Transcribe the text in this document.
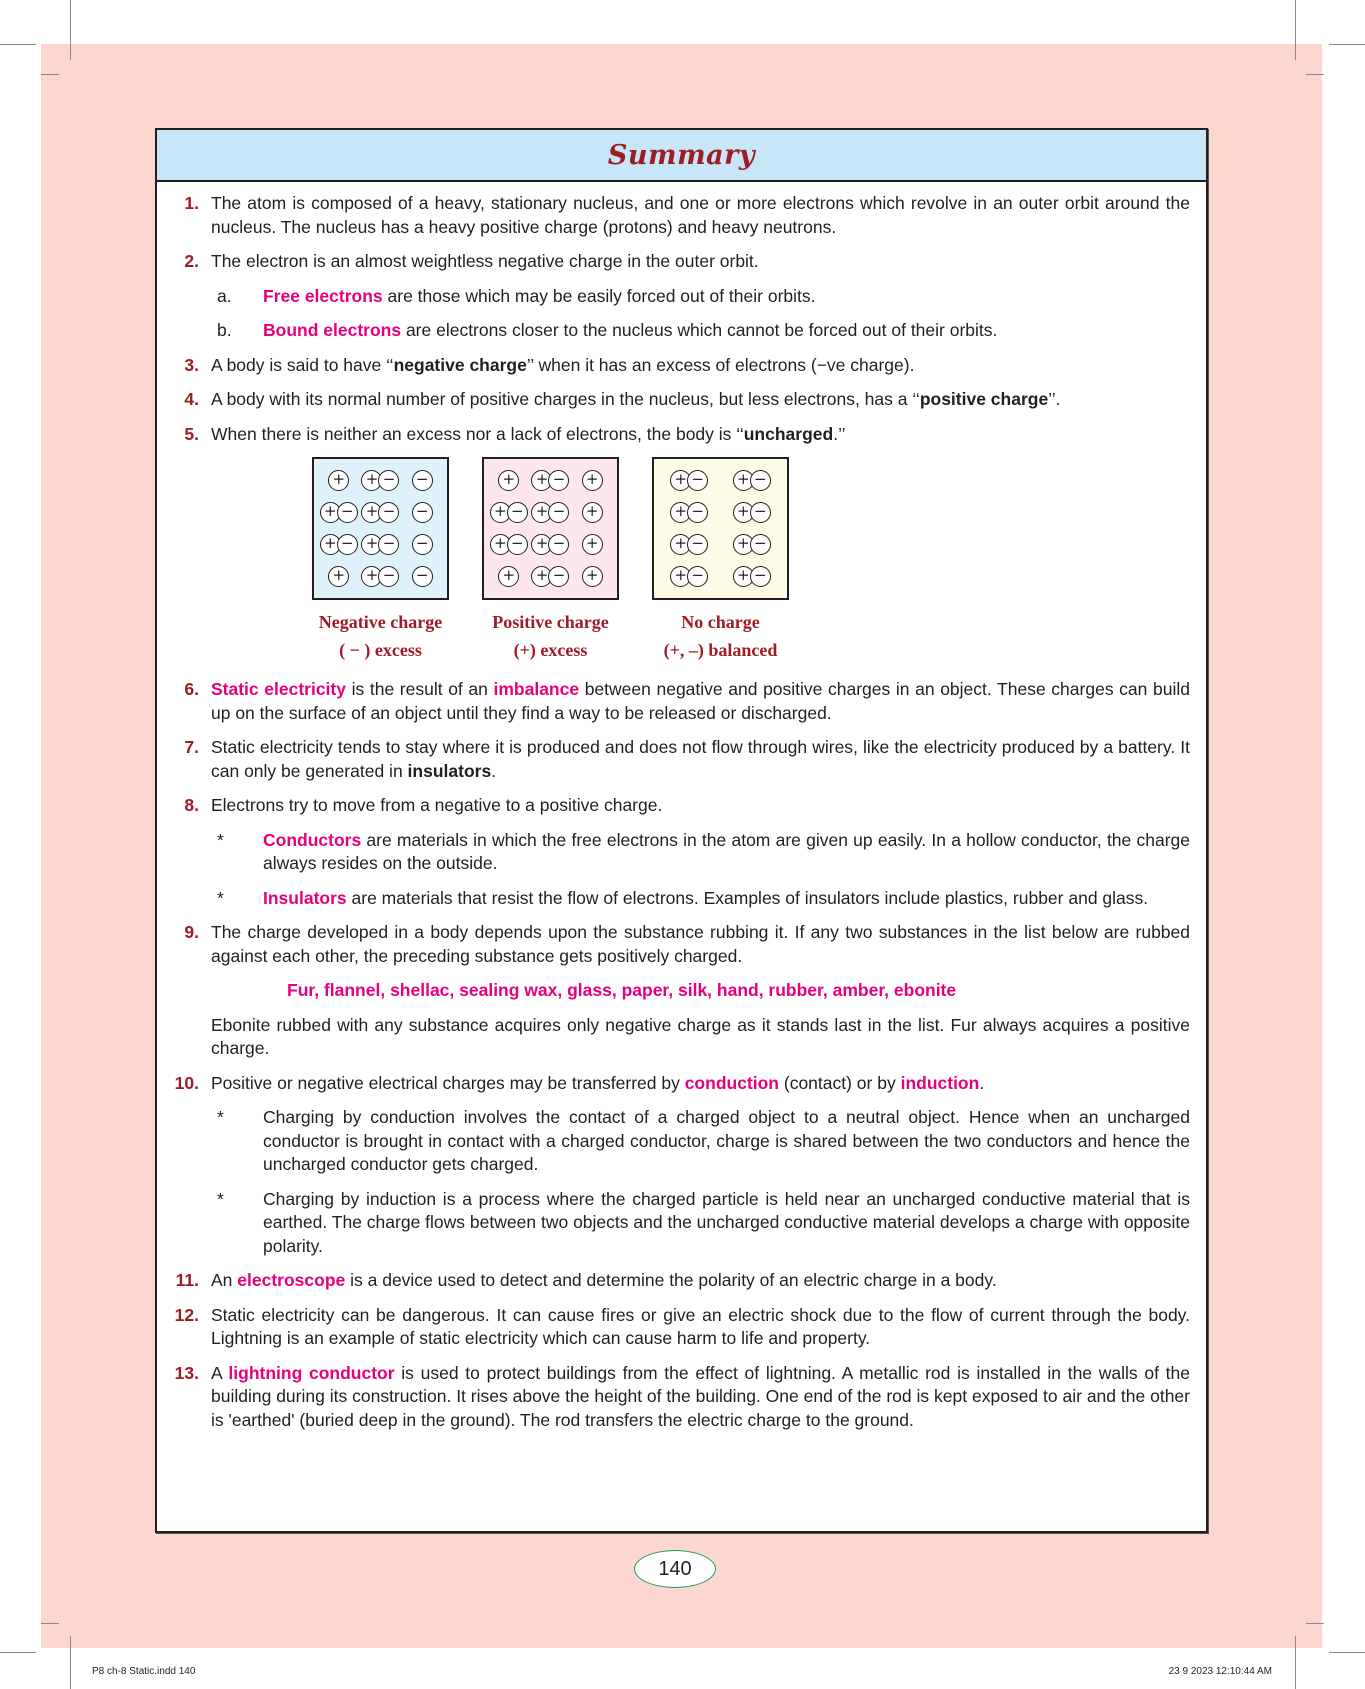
Summary
1. The atom is composed of a heavy, stationary nucleus, and one or more electrons which revolve in an outer orbit around the nucleus. The nucleus has a heavy positive charge (protons) and heavy neutrons.
2. The electron is an almost weightless negative charge in the outer orbit.
a.	Free electrons are those which may be easily forced out of their orbits.
b.	Bound electrons are electrons closer to the nucleus which cannot be forced out of their orbits.
3. A body is said to have ‘‘negative charge’’ when it has an excess of electrons (−ve charge).
4. A body with its normal number of positive charges in the nucleus, but less electrons, has a ‘‘positive charge’’.
5. When there is neither an excess nor a lack of electrons, the body is ‘‘uncharged.’’
+ + − −
+ − + − −
+ − + − −
+ + − −
Negative charge
( − ) excess
+ + − +
+ − + − +
+ − + − +
+ + − +
Positive charge
(+) excess
+ − + −
+ − + −
+ − + −
+ − + −
No charge
(+, –) balanced
6. Static electricity is the result of an imbalance between negative and positive charges in an object. These charges can build up on the surface of an object until they find a way to be released or discharged.
7. Static electricity tends to stay where it is produced and does not flow through wires, like the electricity produced by a battery. It can only be generated in insulators.
8. Electrons try to move from a negative to a positive charge.
*	Conductors are materials in which the free electrons in the atom are given up easily. In a hollow conductor, the charge always resides on the outside.
*	Insulators are materials that resist the flow of electrons. Examples of insulators include plastics, rubber and glass.
9. The charge developed in a body depends upon the substance rubbing it. If any two substances in the list below are rubbed against each other, the preceding substance gets positively charged.
Fur, flannel, shellac, sealing wax, glass, paper, silk, hand, rubber, amber, ebonite
Ebonite rubbed with any substance acquires only negative charge as it stands last in the list. Fur always acquires a positive charge.
10. Positive or negative electrical charges may be transferred by conduction (contact) or by induction.
*	Charging by conduction involves the contact of a charged object to a neutral object. Hence when an uncharged conductor is brought in contact with a charged conductor, charge is shared between the two conductors and hence the uncharged conductor gets charged.
*	Charging by induction is a process where the charged particle is held near an uncharged conductive material that is earthed. The charge flows between two objects and the uncharged conductive material develops a charge with opposite polarity.
11. An electroscope is a device used to detect and determine the polarity of an electric charge in a body.
12. Static electricity can be dangerous. It can cause fires or give an electric shock due to the flow of current through the body. Lightning is an example of static electricity which can cause harm to life and property.
13. A lightning conductor is used to protect buildings from the effect of lightning. A metallic rod is installed in the walls of the building during its construction. It rises above the height of the building. One end of the rod is kept exposed to air and the other is 'earthed' (buried deep in the ground). The rod transfers the electric charge to the ground.
140
P8 ch-8 Static.indd 140	23 9 2023 12:10:44 AM
